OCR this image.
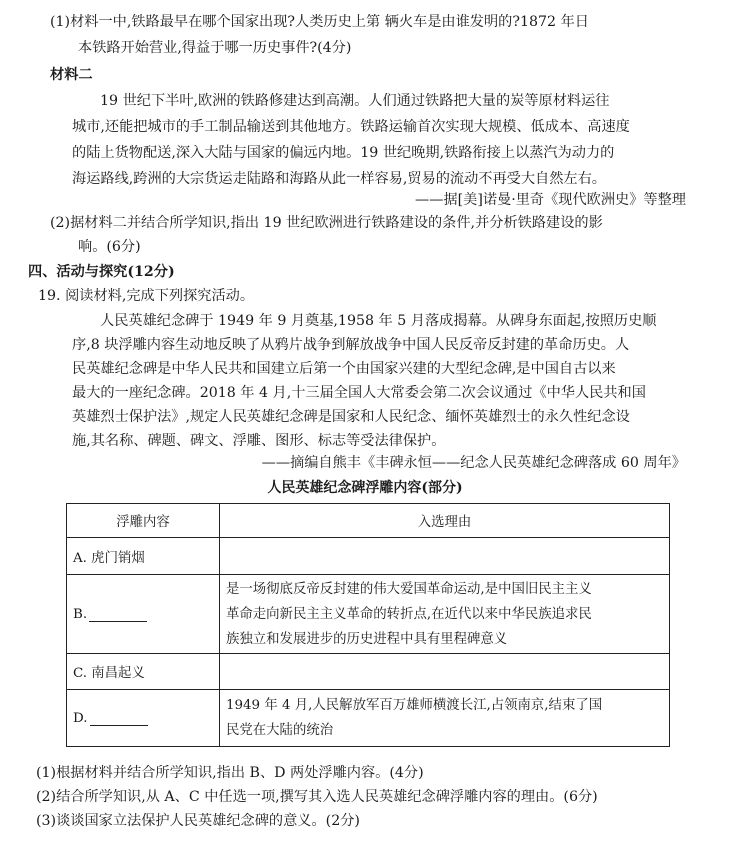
(1)材料一中,铁路最早在哪个国家出现?人类历史上第 辆火车是由谁发明的?1872 年日
本铁路开始营业,得益于哪一历史事件?(4分)
材料二
19 世纪下半叶,欧洲的铁路修建达到高潮。人们通过铁路把大量的炭等原材料运往
城市,还能把城市的手工制品输送到其他地方。铁路运输首次实现大规模、低成本、高速度
的陆上货物配送,深入大陆与国家的偏远内地。19 世纪晚期,铁路衔接上以蒸汽为动力的
海运路线,跨洲的大宗货运走陆路和海路从此一样容易,贸易的流动不再受大自然左右。
——据[美]诺曼·里奇《现代欧洲史》等整理
(2)据材料二并结合所学知识,指出 19 世纪欧洲进行铁路建设的条件,并分析铁路建设的影
响。(6分)
四、活动与探究(12分)
19. 阅读材料,完成下列探究活动。
人民英雄纪念碑于 1949 年 9 月奠基,1958 年 5 月落成揭幕。从碑身东面起,按照历史顺
序,8 块浮雕内容生动地反映了从鸦片战争到解放战争中国人民反帝反封建的革命历史。人
民英雄纪念碑是中华人民共和国建立后第一个由国家兴建的大型纪念碑,是中国自古以来
最大的一座纪念碑。2018 年 4 月,十三届全国人大常委会第二次会议通过《中华人民共和国
英雄烈士保护法》,规定人民英雄纪念碑是国家和人民纪念、缅怀英雄烈士的永久性纪念设
施,其名称、碑题、碑文、浮雕、图形、标志等受法律保护。
——摘编自熊丰《丰碑永恒——纪念人民英雄纪念碑落成 60 周年》
人民英雄纪念碑浮雕内容(部分)
浮雕内容	入选理由
A. 虎门销烟	
B.	是一场彻底反帝反封建的伟大爱国革命运动,是中国旧民主主义
革命走向新民主主义革命的转折点,在近代以来中华民族追求民
族独立和发展进步的历史进程中具有里程碑意义

C. 南昌起义	
D.	1949 年 4 月,人民解放军百万雄师横渡长江,占领南京,结束了国
民党在大陆的统治
(1)根据材料并结合所学知识,指出 B、D 两处浮雕内容。(4分)
(2)结合所学知识,从 A、C 中任选一项,撰写其入选人民英雄纪念碑浮雕内容的理由。(6分)
(3)谈谈国家立法保护人民英雄纪念碑的意义。(2分)
